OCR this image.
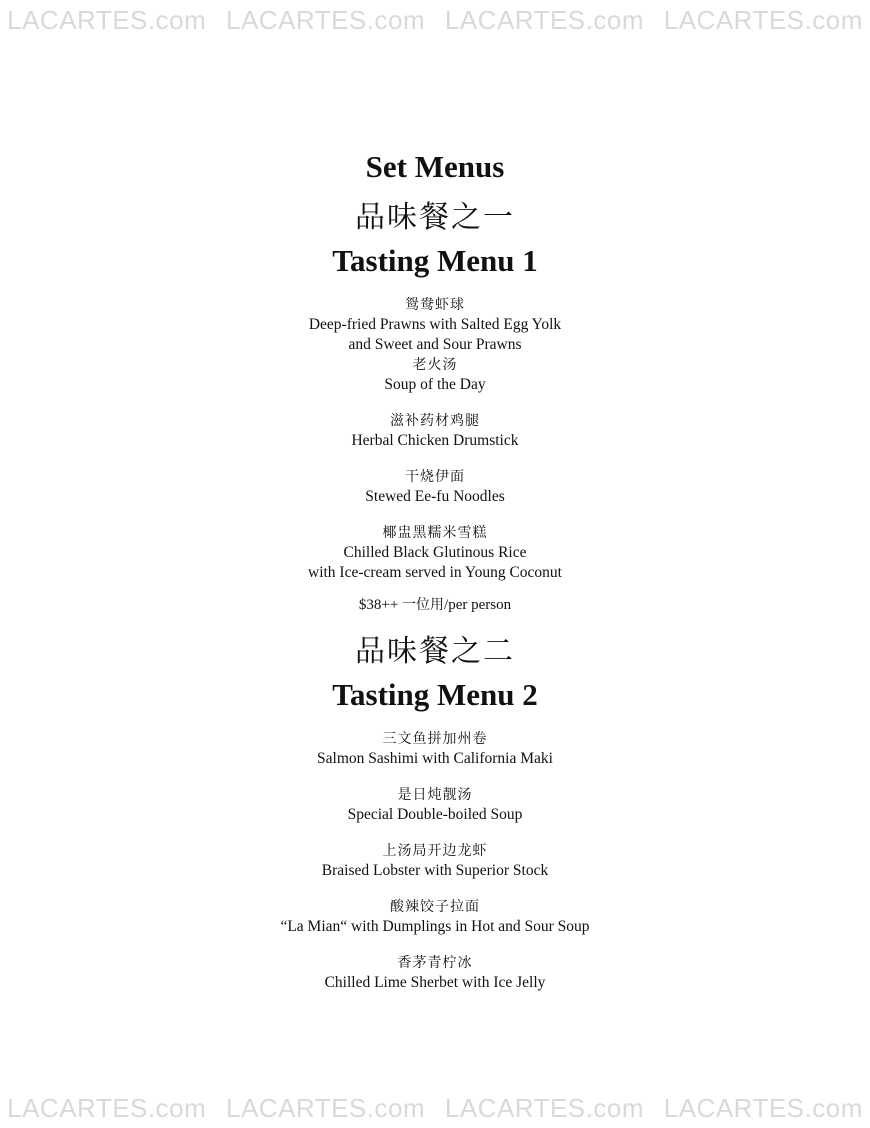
LACARTES.com LACARTES.com LACARTES.com LACARTES.com
Set Menus
品味餐之一
Tasting Menu 1
鸳鸯虾球
Deep-fried Prawns with Salted Egg Yolk
and Sweet and Sour Prawns
老火汤
Soup of the Day
滋补药材鸡腿
Herbal Chicken Drumstick
干烧伊面
Stewed Ee-fu Noodles
椰盅黑糯米雪糕
Chilled Black Glutinous Rice
with Ice-cream served in Young Coconut
$38++ 一位用/per person
品味餐之二
Tasting Menu 2
三文鱼拼加州卷
Salmon Sashimi with California Maki
是日炖靓汤
Special Double-boiled Soup
上汤局开边龙虾
Braised Lobster with Superior Stock
酸辣饺子拉面
“La Mian“ with Dumplings in Hot and Sour Soup
香茅青柠冰
Chilled Lime Sherbet with Ice Jelly
LACARTES.com LACARTES.com LACARTES.com LACARTES.com
